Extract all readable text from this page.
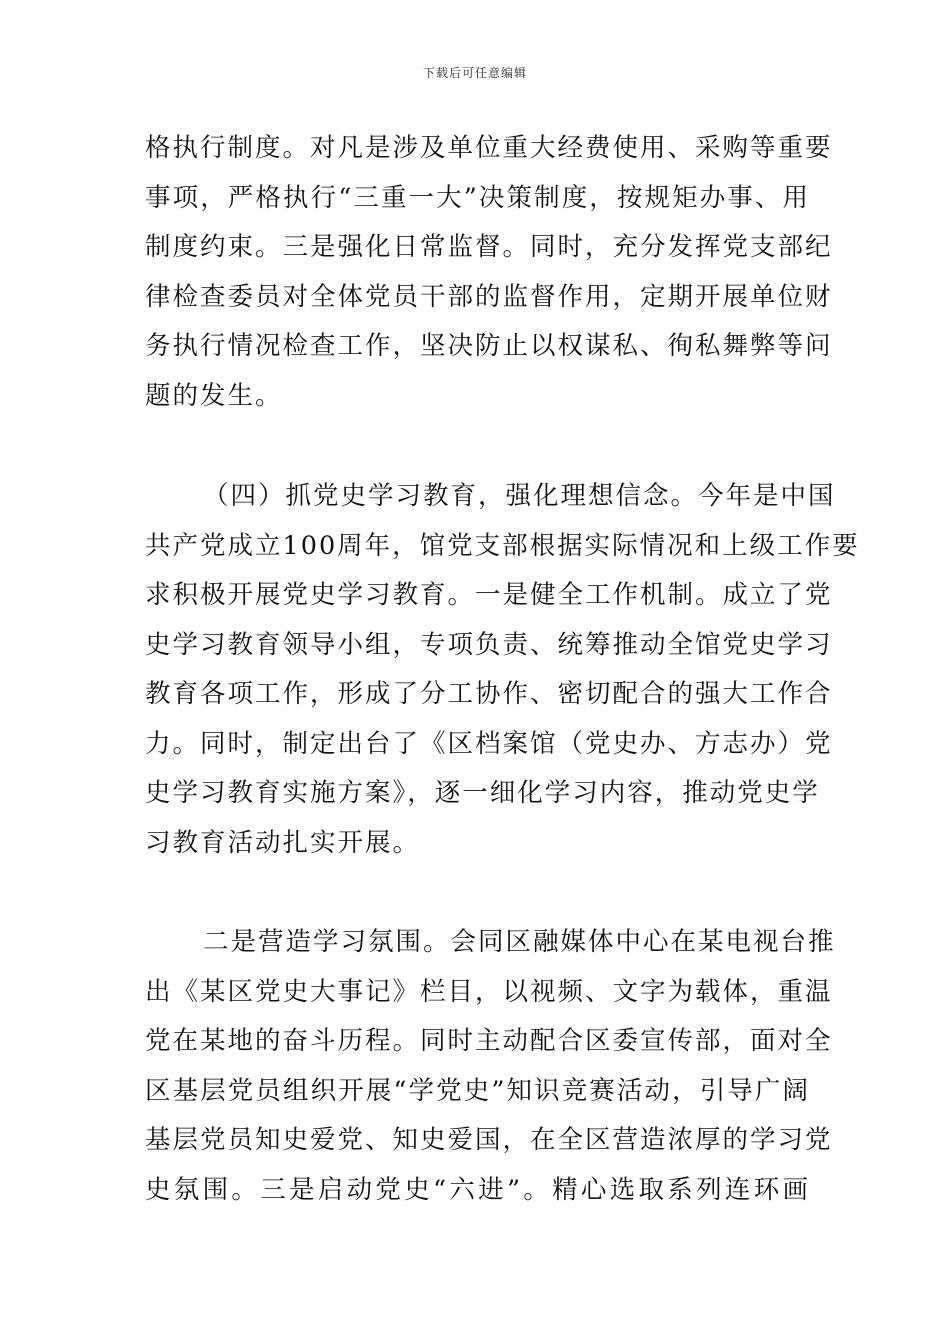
下载后可任意编辑
格执行制度。对凡是涉及单位重大经费使用、采购等重要
事项，严格执行“三重一大”决策制度，按规矩办事、用
制度约束。三是强化日常监督。同时，充分发挥党支部纪
律检查委员对全体党员干部的监督作用，定期开展单位财
务执行情况检查工作，坚决防止以权谋私、徇私舞弊等问
题的发生。
（四）抓党史学习教育，强化理想信念。今年是中国
共产党成立100周年，馆党支部根据实际情况和上级工作要
求积极开展党史学习教育。一是健全工作机制。成立了党
史学习教育领导小组，专项负责、统筹推动全馆党史学习
教育各项工作，形成了分工协作、密切配合的强大工作合
力。同时，制定出台了《区档案馆（党史办、方志办）党
史学习教育实施方案》，逐一细化学习内容，推动党史学
习教育活动扎实开展。
二是营造学习氛围。会同区融媒体中心在某电视台推
出《某区党史大事记》栏目，以视频、文字为载体，重温
党在某地的奋斗历程。同时主动配合区委宣传部，面对全
区基层党员组织开展“学党史”知识竞赛活动，引导广阔
基层党员知史爱党、知史爱国，在全区营造浓厚的学习党
史氛围。三是启动党史“六进”。精心选取系列连环画
